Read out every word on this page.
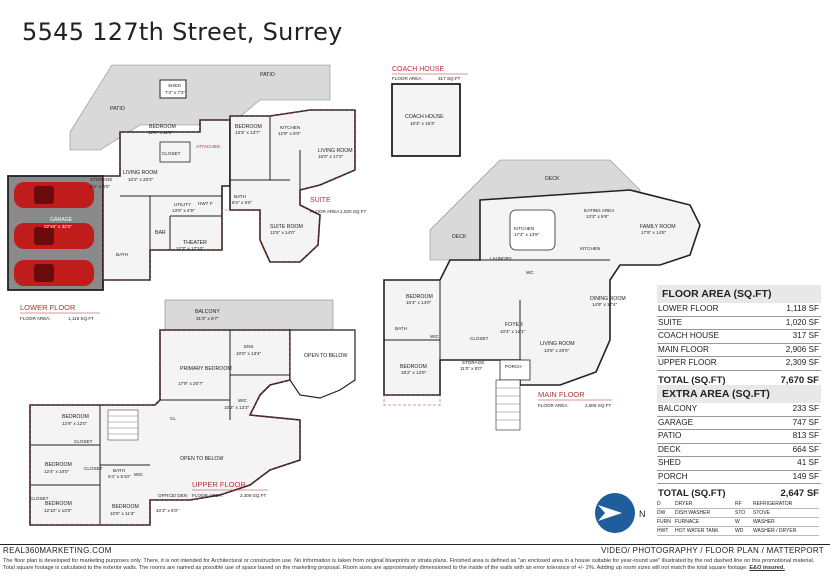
5545 127th Street, Surrey
PATIO
PATIO
SHED
7'3" x 7'3"
BEDROOM
12'0" x 11'0"
CLOSET
ATTACHED
LIVING ROOM
10'2" x 20'3"
STORAGE
8'2" x 6'0"
GARAGE
22'10" x 32'0"
UTILITY
13'0" x 4'9"
HWT F
BAR
THEATER
12'3" x 17'10"
BATH
BEDROOM
13'3" x 13'7"
KITCHEN
12'9" x 9'0"
LIVING ROOM
16'0" x 17'2"
BATH
8'4" x 5'0"
SUITE ROOM
12'6" x 14'0"
SUITE
FLOOR AREA: 1,020 SQ.FT
LOWER FLOOR
FLOOR AREA:	1,118 SQ.FT
COACH HOUSE
FLOOR AREA:	317 SQ.FT
COACH HOUSE
16'3" x 16'3"
DECK
DECK
EATING AREA
13'3" x 9'8"
FAMILY ROOM
17'9" x 14'8"
KITCHEN
17'2" x 13'9"
LAUNDRY
KITCHEN
DINING ROOM
14'9" x 17'4"
BEDROOM
16'4" x 14'0"
BATH
WIC	CLOSET
FOYER
10'4" x 12'1"
LIVING ROOM
13'6" x 20'0"
STORAGE
11'0" x 8'0"
BEDROOM
18'2" x 12'9"
PORCH
WC
MAIN FLOOR
FLOOR AREA:	2,906 SQ.FT
BALCONY
31'3" x 8'7"
PRIMARY BEDROOM
17'9" x 20'7"
ENS
10'0" x 13'4"
WIC
10'2" x 12'3"
OPEN TO BELOW
OPEN TO BELOW
CL
BEDROOM
12'9" x 12'0"
CLOSET
BEDROOM
12'4" x 10'0"
CLOSET
BEDROOM
12'10" x 13'0"
CLOSET
BEDROOM
10'5" x 11'3"
BATH
6'4" x 5'10" WIC
OFFICE/ DEN
10'3" x 6'0"
UPPER FLOOR
FLOOR AREA:	2,309 SQ.FT
N
FLOOR AREA (SQ.FT)
LOWER FLOOR	1,118 SF
SUITE	1,020 SF
COACH HOUSE	317 SF
MAIN FLOOR	2,906 SF
UPPER FLOOR	2,309 SF
TOTAL (SQ.FT)	7,670 SF
EXTRA AREA (SQ.FT)
BALCONY	233 SF
GARAGE	747 SF
PATIO	813 SF
DECK	664 SF
SHED	41 SF
PORCH	149 SF
TOTAL (SQ.FT)	2,647 SF
D	DRYER	RF	REFRIGERATOR
DW	DISH WASHER	STO	STOVE
FURN FURNACE	W	WASHER
HWT	HOT WATER TANK	WD	WASHER / DRYER
REAL360MARKETING.COM	VIDEO/ PHOTOGRAPHY / FLOOR PLAN / MATTERPORT
The floor plan is developed for marketing purposes only. There, it is not intended for Architectural or construction use. No information is taken from original blueprints or strata plans. Finished area is defined as "an enclosed area in a house suitable for year-round use" illustrated by the red dashed line on this promotional material. Total square footage is calculated to the exterior walls. The rooms are named as possible use of space based on the marketing proposal. Room sizes are approximately dimensioned to the inside of the walls with an error tolerance of +/- 2%. Adding up room sizes will not match the total square footage. E&O insured.
